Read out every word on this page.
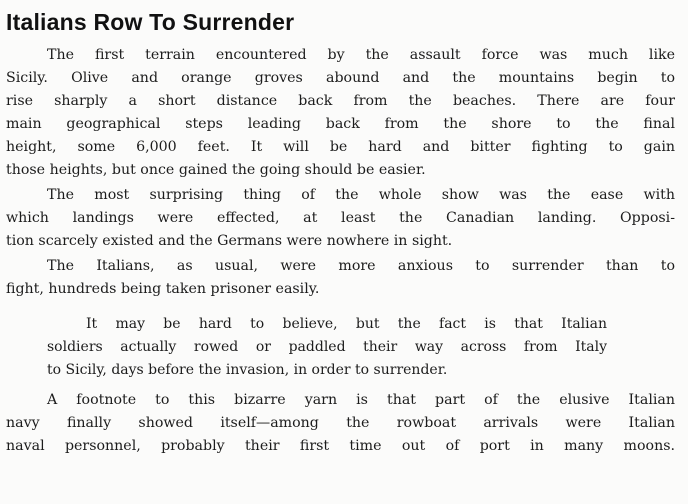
Italians Row To Surrender
The first terrain encountered by the assault force was much like
Sicily. Olive and orange groves abound and the mountains begin to
rise sharply a short distance back from the beaches. There are four
main geographical steps leading back from the shore to the final
height, some 6,000 feet. It will be hard and bitter fighting to gain
those heights, but once gained the going should be easier.
The most surprising thing of the whole show was the ease with
which landings were effected, at least the Canadian landing. Opposi-
tion scarcely existed and the Germans were nowhere in sight.
The Italians, as usual, were more anxious to surrender than to
fight, hundreds being taken prisoner easily.
It may be hard to believe, but the fact is that Italian
soldiers actually rowed or paddled their way across from Italy
to Sicily, days before the invasion, in order to surrender.
A footnote to this bizarre yarn is that part of the elusive Italian
navy finally showed itself—among the rowboat arrivals were Italian
naval personnel, probably their first time out of port in many moons.
